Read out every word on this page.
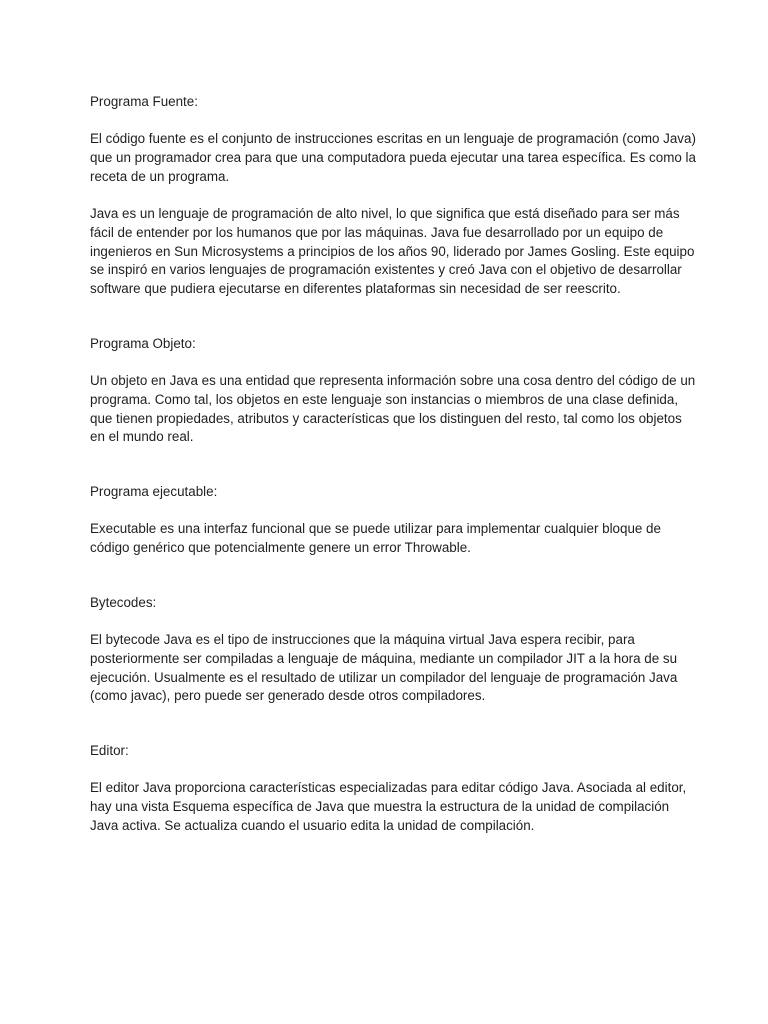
Programa Fuente:

El código fuente es el conjunto de instrucciones escritas en un lenguaje de programación (como Java) que un programador crea para que una computadora pueda ejecutar una tarea específica. Es como la receta de un programa.

Java es un lenguaje de programación de alto nivel, lo que significa que está diseñado para ser más fácil de entender por los humanos que por las máquinas. Java fue desarrollado por un equipo de ingenieros en Sun Microsystems a principios de los años 90, liderado por James Gosling. Este equipo se inspiró en varios lenguajes de programación existentes y creó Java con el objetivo de desarrollar software que pudiera ejecutarse en diferentes plataformas sin necesidad de ser reescrito.

Programa Objeto:

Un objeto en Java es una entidad que representa información sobre una cosa dentro del código de un programa. Como tal, los objetos en este lenguaje son instancias o miembros de una clase definida, que tienen propiedades, atributos y características que los distinguen del resto, tal como los objetos en el mundo real.

Programa ejecutable:

Executable es una interfaz funcional que se puede utilizar para implementar cualquier bloque de código genérico que potencialmente genere un error Throwable.

Bytecodes:

El bytecode Java es el tipo de instrucciones que la máquina virtual Java espera recibir, para posteriormente ser compiladas a lenguaje de máquina, mediante un compilador JIT a la hora de su ejecución. Usualmente es el resultado de utilizar un compilador del lenguaje de programación Java (como javac), pero puede ser generado desde otros compiladores.

Editor:

El editor Java proporciona características especializadas para editar código Java. Asociada al editor, hay una vista Esquema específica de Java que muestra la estructura de la unidad de compilación Java activa. Se actualiza cuando el usuario edita la unidad de compilación.
